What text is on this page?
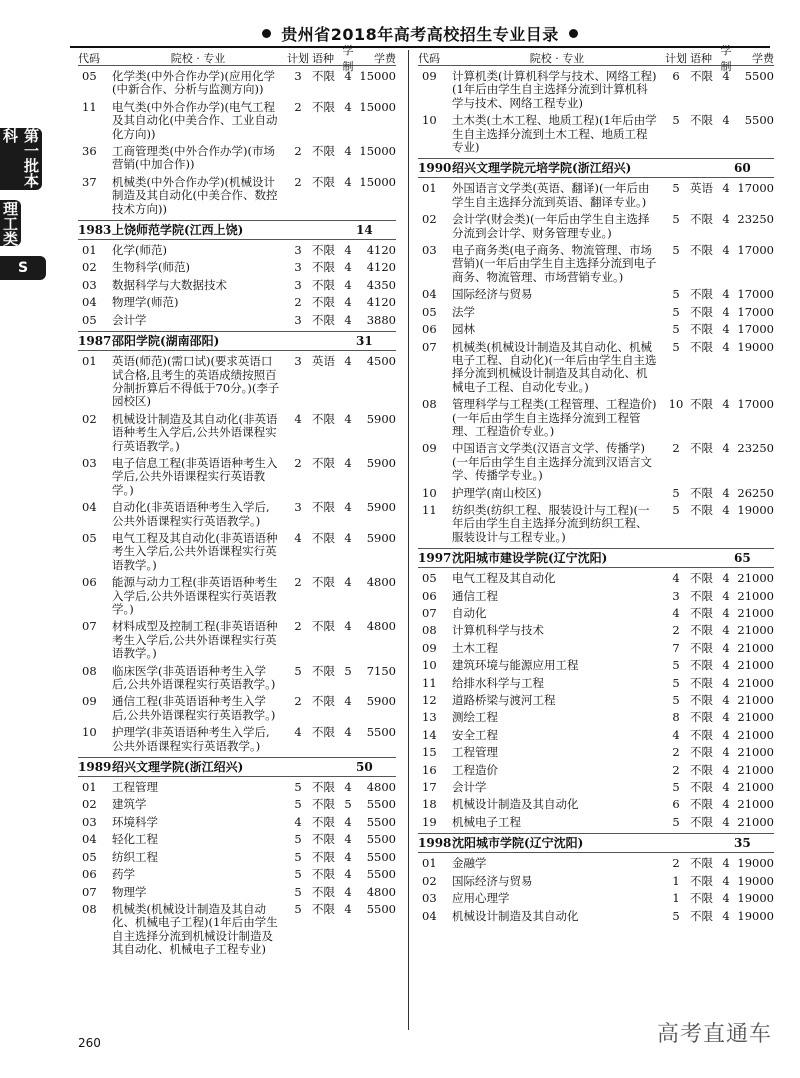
贵州省2018年高考高校招生专业目录
第一批本科
理工类
S
代码	院校 · 专业	计划 语种
学制
学费
05	化学类(中外合作办学)(应用化学(中新合作、分析与监测方向))
3 不限 4 15000
11	电气类(中外合作办学)(电气工程及其自动化(中美合作、工业自动化方向))
2 不限 4 15000
36	工商管理类(中外合作办学)(市场营销(中加合作))
2 不限 4 15000
37	机械类(中外合作办学)(机械设计制造及其自动化(中美合作、数控技术方向))
2 不限 4 15000
1983 上饶师范学院(江西上饶)	14
01	化学(师范)	3 不限 4	4120
02	生物科学(师范)	3 不限 4	4120
03	数据科学与大数据技术	3 不限 4	4350
04	物理学(师范)	2 不限 4	4120
05	会计学	3 不限 4	3880
1987 邵阳学院(湖南邵阳)	31
01	英语(师范)(需口试)(要求英语口试合格,且考生的英语成绩按照百分制折算后不得低于70分。)(李子园校区)
3 英语 4	4500
02	机械设计制造及其自动化(非英语语种考生入学后,公共外语课程实行英语教学。)
4 不限 4	5900
03	电子信息工程(非英语语种考生入学后,公共外语课程实行英语教学。)
2 不限 4	5900
04	自动化(非英语语种考生入学后,公共外语课程实行英语教学。)
3 不限 4	5900
05	电气工程及其自动化(非英语语种考生入学后,公共外语课程实行英语教学。)
4 不限 4	5900
06	能源与动力工程(非英语语种考生入学后,公共外语课程实行英语教学。)
2 不限 4	4800
07	材料成型及控制工程(非英语语种考生入学后,公共外语课程实行英语教学。)
2 不限 4	4800
08	临床医学(非英语语种考生入学后,公共外语课程实行英语教学。)
5 不限 5	7150
09	通信工程(非英语语种考生入学后,公共外语课程实行英语教学。)
2 不限 4	5900
10	护理学(非英语语种考生入学后,公共外语课程实行英语教学。)
4 不限 4	5500
1989 绍兴文理学院(浙江绍兴)	50
01	工程管理	5 不限 4	4800
02	建筑学	5 不限 5	5500
03	环境科学	4 不限 4	5500
04	轻化工程	5 不限 4	5500
05	纺织工程	5 不限 4	5500
06	药学	5 不限 4	5500
07	物理学	5 不限 4	4800
08	机械类(机械设计制造及其自动化、机械电子工程)(1年后由学生自主选择分流到机械设计制造及其自动化、机械电子工程专业)
5 不限 4	5500
代码	院校 · 专业	计划 语种
学制
学费
09	计算机类(计算机科学与技术、网络工程)(1年后由学生自主选择分流到计算机科学与技术、网络工程专业)
6 不限 4	5500
10	土木类(土木工程、地质工程)(1年后由学生自主选择分流到土木工程、地质工程专业)
5 不限 4	5500
1990 绍兴文理学院元培学院(浙江绍兴)	60
01	外国语言文学类(英语、翻译)(一年后由学生自主选择分流到英语、翻译专业。)
5 英语 4 17000
02	会计学(财会类)(一年后由学生自主选择分流到会计学、财务管理专业。)
5 不限 4 23250
03	电子商务类(电子商务、物流管理、市场营销)(一年后由学生自主选择分流到电子商务、物流管理、市场营销专业。)
5 不限 4 17000
04	国际经济与贸易	5 不限 4 17000
05	法学	5 不限 4 17000
06	园林	5 不限 4 17000
07	机械类(机械设计制造及其自动化、机械电子工程、自动化)(一年后由学生自主选择分流到机械设计制造及其自动化、机械电子工程、自动化专业。)
5 不限 4 19000
08	管理科学与工程类(工程管理、工程造价)(一年后由学生自主选择分流到工程管理、工程造价专业。)
10 不限 4 17000
09	中国语言文学类(汉语言文学、传播学)(一年后由学生自主选择分流到汉语言文学、传播学专业。)
2 不限 4 23250
10	护理学(南山校区)	5 不限 4 26250
11	纺织类(纺织工程、服装设计与工程)(一年后由学生自主选择分流到纺织工程、服装设计与工程专业。)
5 不限 4 19000
1997 沈阳城市建设学院(辽宁沈阳)	65
05	电气工程及其自动化	4 不限 4 21000
06	通信工程	3 不限 4 21000
07	自动化	4 不限 4 21000
08	计算机科学与技术	2 不限 4 21000
09	土木工程	7 不限 4 21000
10	建筑环境与能源应用工程	5 不限 4 21000
11	给排水科学与工程	5 不限 4 21000
12	道路桥梁与渡河工程	5 不限 4 21000
13	测绘工程	8 不限 4 21000
14	安全工程	4 不限 4 21000
15	工程管理	2 不限 4 21000
16	工程造价	2 不限 4 21000
17	会计学	5 不限 4 21000
18	机械设计制造及其自动化	6 不限 4 21000
19	机械电子工程	5 不限 4 21000
1998 沈阳城市学院(辽宁沈阳)	35
01	金融学	2 不限 4 19000
02	国际经济与贸易	1 不限 4 19000
03	应用心理学	1 不限 4 19000
04	机械设计制造及其自动化	5 不限 4 19000
260	高考直通车
